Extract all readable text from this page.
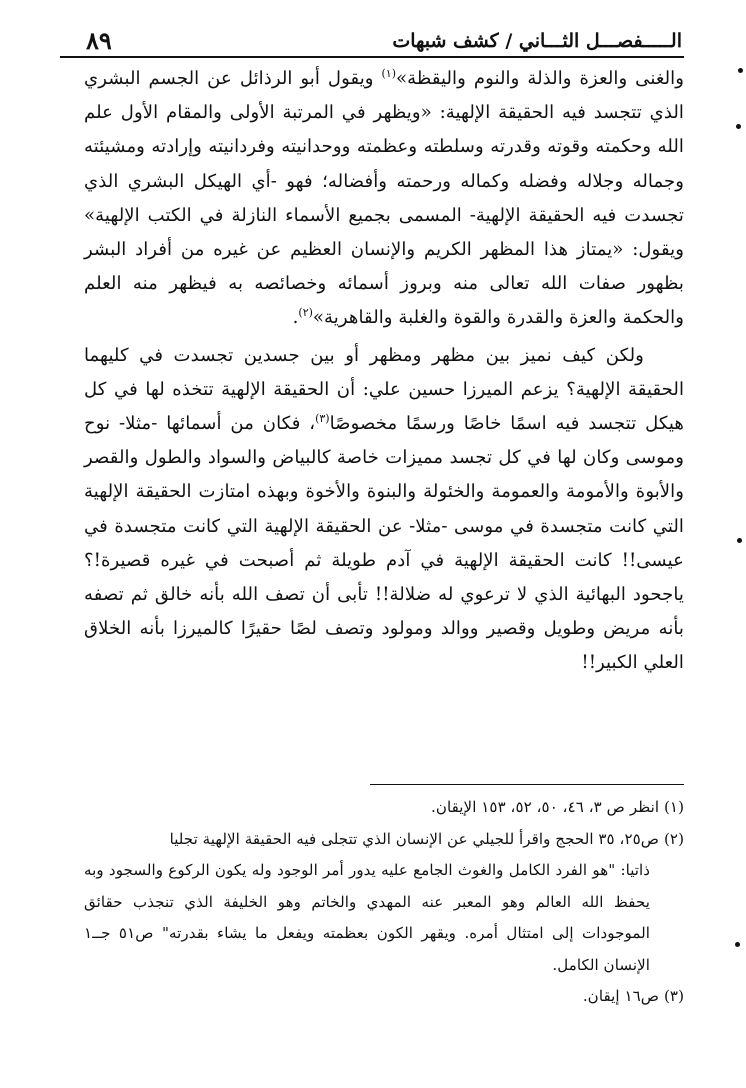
٨٩	الـــــفصـــل الثـــاني / كشف شبهات

والغنى والعزة والذلة والنوم واليقظة»$^{(١)}$ ويقول أبو الرذائل عن الجسم البشري الذي تتجسد فيه الحقيقة الإلهية: «ويظهر في المرتبة الأولى والمقام الأول علم الله وحكمته وقوته وقدرته وسلطته وعظمته ووحدانيته وفردانيته وإرادته ومشيئته وجماله وجلاله وفضله وكماله ورحمته وأفضاله؛ فهو -أي الهيكل البشري الذي تجسدت فيه الحقيقة الإلهية- المسمى بجميع الأسماء النازلة في الكتب الإلهية» ويقول: «يمتاز هذا المظهر الكريم والإنسان العظيم عن غيره من أفراد البشر بظهور صفات الله تعالى منه وبروز أسمائه وخصائصه به فيظهر منه العلم والحكمة والعزة والقدرة والقوة والغلبة والقاهرية»$^{(٢)}$.

ولكن كيف نميز بين مظهر ومظهر أو بين جسدين تجسدت في كليهما الحقيقة الإلهية؟ يزعم الميرزا حسين علي: أن الحقيقة الإلهية تتخذه لها في كل هيكل تتجسد فيه اسمًا خاصًا ورسمًا مخصوصًا$^{(٣)}$، فكان من أسمائها -مثلا- نوح وموسى وكان لها في كل تجسد مميزات خاصة كالبياض والسواد والطول والقصر والأبوة والأمومة والعمومة والخئولة والبنوة والأخوة وبهذه امتازت الحقيقة الإلهية التي كانت متجسدة في موسى -مثلا- عن الحقيقة الإلهية التي كانت متجسدة في عيسى!! كانت الحقيقة الإلهية في آدم طويلة ثم أصبحت في غيره قصيرة!؟ ياجحود البهائية الذي لا ترعوي له ضلالة!! تأبى أن تصف الله بأنه خالق ثم تصفه بأنه مريض وطويل وقصير ووالد ومولود وتصف لصًا حقيرًا كالميرزا بأنه الخلاق العلي الكبير!!

(١) انظر ص ٣، ٤٦، ٥٠، ٥٢، ١٥٣ الإيقان.

(٢) ص٢٥، ٣٥ الحجج واقرأ للجيلي عن الإنسان الذي تتجلى فيه الحقيقة الإلهية تجليا

ذاتيا: "هو الفرد الكامل والغوث الجامع عليه يدور أمر الوجود وله يكون الركوع والسجود وبه يحفظ الله العالم وهو المعبر عنه المهدي والخاتم وهو الخليفة الذي تنجذب حقائق الموجودات إلى امتثال أمره. ويقهر الكون بعظمته ويفعل ما يشاء بقدرته" ص٥١ جــ١ الإنسان الكامل.

(٣) ص١٦ إيقان.
